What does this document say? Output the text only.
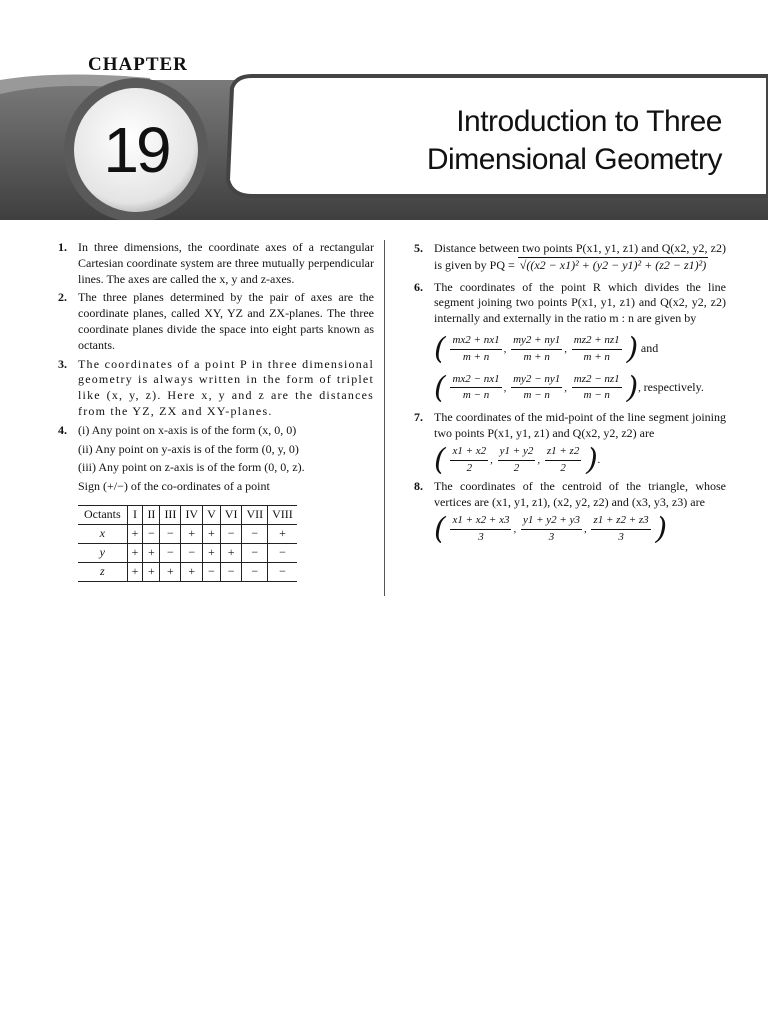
CHAPTER
19	Introduction to Three
Dimensional Geometry
1. In three dimensions, the coordinate axes of a rectangular Cartesian coordinate system are three mutually perpendicular lines. The axes are called the x, y and z-axes.
2. The three planes determined by the pair of axes are the coordinate planes, called XY, YZ and ZX-planes. The three coordinate planes divide the space into eight parts known as octants.
3. The coordinates of a point P in three dimensional geometry is always written in the form of triplet like (x, y, z). Here x, y and z are the distances from the YZ, ZX and XY-planes.
4. (i) Any point on x-axis is of the form (x, 0, 0)
(ii) Any point on y-axis is of the form (0, y, 0)
(iii) Any point on z-axis is of the form (0, 0, z).
Sign (+/−) of the co-ordinates of a point
Octants	I	II	III	IV	V	VI	VII	VIII
x	+	−	−	+	+	−	−	+
y	+	+	−	−	+	+	−	−
z	+	+	+	+	−	−	−	−
5. Distance between two points P(x1, y1, z1) and Q(x2, y2, z2) is given by PQ = √((x2 − x1)² + (y2 − y1)² + (z2 − z1)²)
6. The coordinates of the point R which divides the line segment joining two points P(x1, y1, z1) and Q(x2, y2, z2) internally and externally in the ratio m : n are given by
( $\frac{mx2 + nx1}{m + n}$ , $\frac{my2 + ny1}{m + n}$ , $\frac{mz2 + nz1}{m + n}$ ) and
( $\frac{mx2 - nx1}{m - n}$ , $\frac{my2 - ny1}{m - n}$ , $\frac{mz2 - nz1}{m - n}$ ), respectively.
7. The coordinates of the mid-point of the line segment joining two points P(x1, y1, z1) and Q(x2, y2, z2) are
( $\frac{x1 + x2}{2}$ , $\frac{y1 + y2}{2}$ , $\frac{z1 + z2}{2}$ ).
8. The coordinates of the centroid of the triangle, whose vertices are (x1, y1, z1), (x2, y2, z2) and (x3, y3, z3) are
( $\frac{x1 + x2 + x3}{3}$ , $\frac{y1 + y2 + y3}{3}$ , $\frac{z1 + z2 + z3}{3}$ )
